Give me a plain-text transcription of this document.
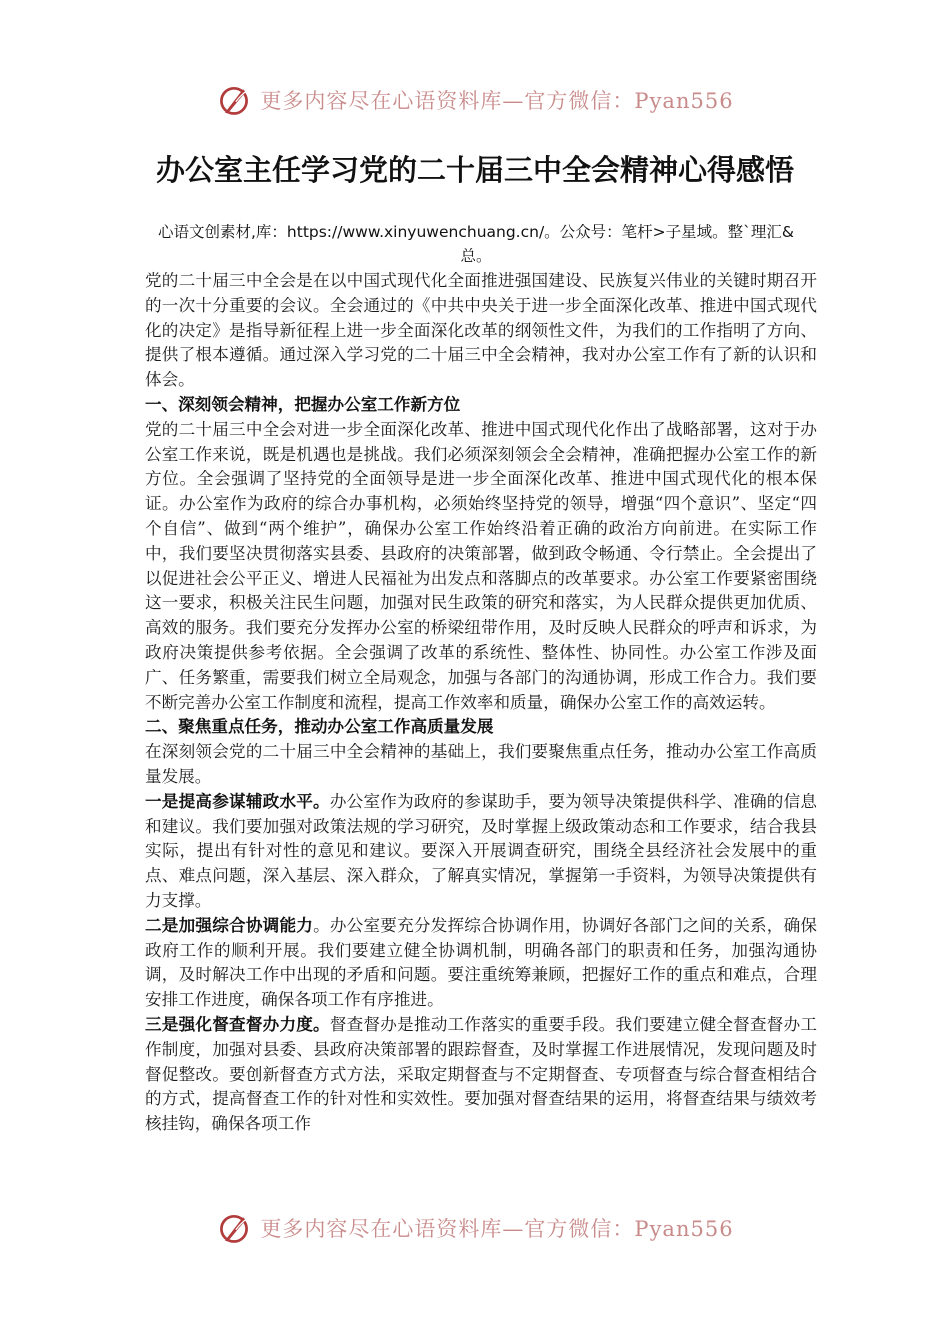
更多内容尽在心语资料库—官方微信：Pyan556
办公室主任学习党的二十届三中全会精神心得感悟

心语文创素材,库：https://www.xinyuwenchuang.cn/。公众号：笔杆>子星域。整`理汇&总。

党的二十届三中全会是在以中国式现代化全面推进强国建设、民族复兴伟业的关键时期召开的一次十分重要的会议。全会通过的《中共中央关于进一步全面深化改革、推进中国式现代化的决定》是指导新征程上进一步全面深化改革的纲领性文件，为我们的工作指明了方向、提供了根本遵循。通过深入学习党的二十届三中全会精神，我对办公室工作有了新的认识和体会。

一、深刻领会精神，把握办公室工作新方位

党的二十届三中全会对进一步全面深化改革、推进中国式现代化作出了战略部署，这对于办公室工作来说，既是机遇也是挑战。我们必须深刻领会全会精神，准确把握办公室工作的新方位。全会强调了坚持党的全面领导是进一步全面深化改革、推进中国式现代化的根本保证。办公室作为政府的综合办事机构，必须始终坚持党的领导，增强“四个意识”、坚定“四个自信”、做到“两个维护”，确保办公室工作始终沿着正确的政治方向前进。在实际工作中，我们要坚决贯彻落实县委、县政府的决策部署，做到政令畅通、令行禁止。全会提出了以促进社会公平正义、增进人民福祉为出发点和落脚点的改革要求。办公室工作要紧密围绕这一要求，积极关注民生问题，加强对民生政策的研究和落实，为人民群众提供更加优质、高效的服务。我们要充分发挥办公室的桥梁纽带作用，及时反映人民群众的呼声和诉求，为政府决策提供参考依据。全会强调了改革的系统性、整体性、协同性。办公室工作涉及面广、任务繁重，需要我们树立全局观念，加强与各部门的沟通协调，形成工作合力。我们要不断完善办公室工作制度和流程，提高工作效率和质量，确保办公室工作的高效运转。

二、聚焦重点任务，推动办公室工作高质量发展

在深刻领会党的二十届三中全会精神的基础上，我们要聚焦重点任务，推动办公室工作高质量发展。

一是提高参谋辅政水平。办公室作为政府的参谋助手，要为领导决策提供科学、准确的信息和建议。我们要加强对政策法规的学习研究，及时掌握上级政策动态和工作要求，结合我县实际，提出有针对性的意见和建议。要深入开展调查研究，围绕全县经济社会发展中的重点、难点问题，深入基层、深入群众，了解真实情况，掌握第一手资料，为领导决策提供有力支撑。

二是加强综合协调能力。办公室要充分发挥综合协调作用，协调好各部门之间的关系，确保政府工作的顺利开展。我们要建立健全协调机制，明确各部门的职责和任务，加强沟通协调，及时解决工作中出现的矛盾和问题。要注重统筹兼顾，把握好工作的重点和难点，合理安排工作进度，确保各项工作有序推进。

三是强化督查督办力度。督查督办是推动工作落实的重要手段。我们要建立健全督查督办工作制度，加强对县委、县政府决策部署的跟踪督查，及时掌握工作进展情况，发现问题及时督促整改。要创新督查方式方法，采取定期督查与不定期督查、专项督查与综合督查相结合的方式，提高督查工作的针对性和实效性。要加强对督查结果的运用，将督查结果与绩效考核挂钩，确保各项工作

更多内容尽在心语资料库—官方微信：Pyan556
